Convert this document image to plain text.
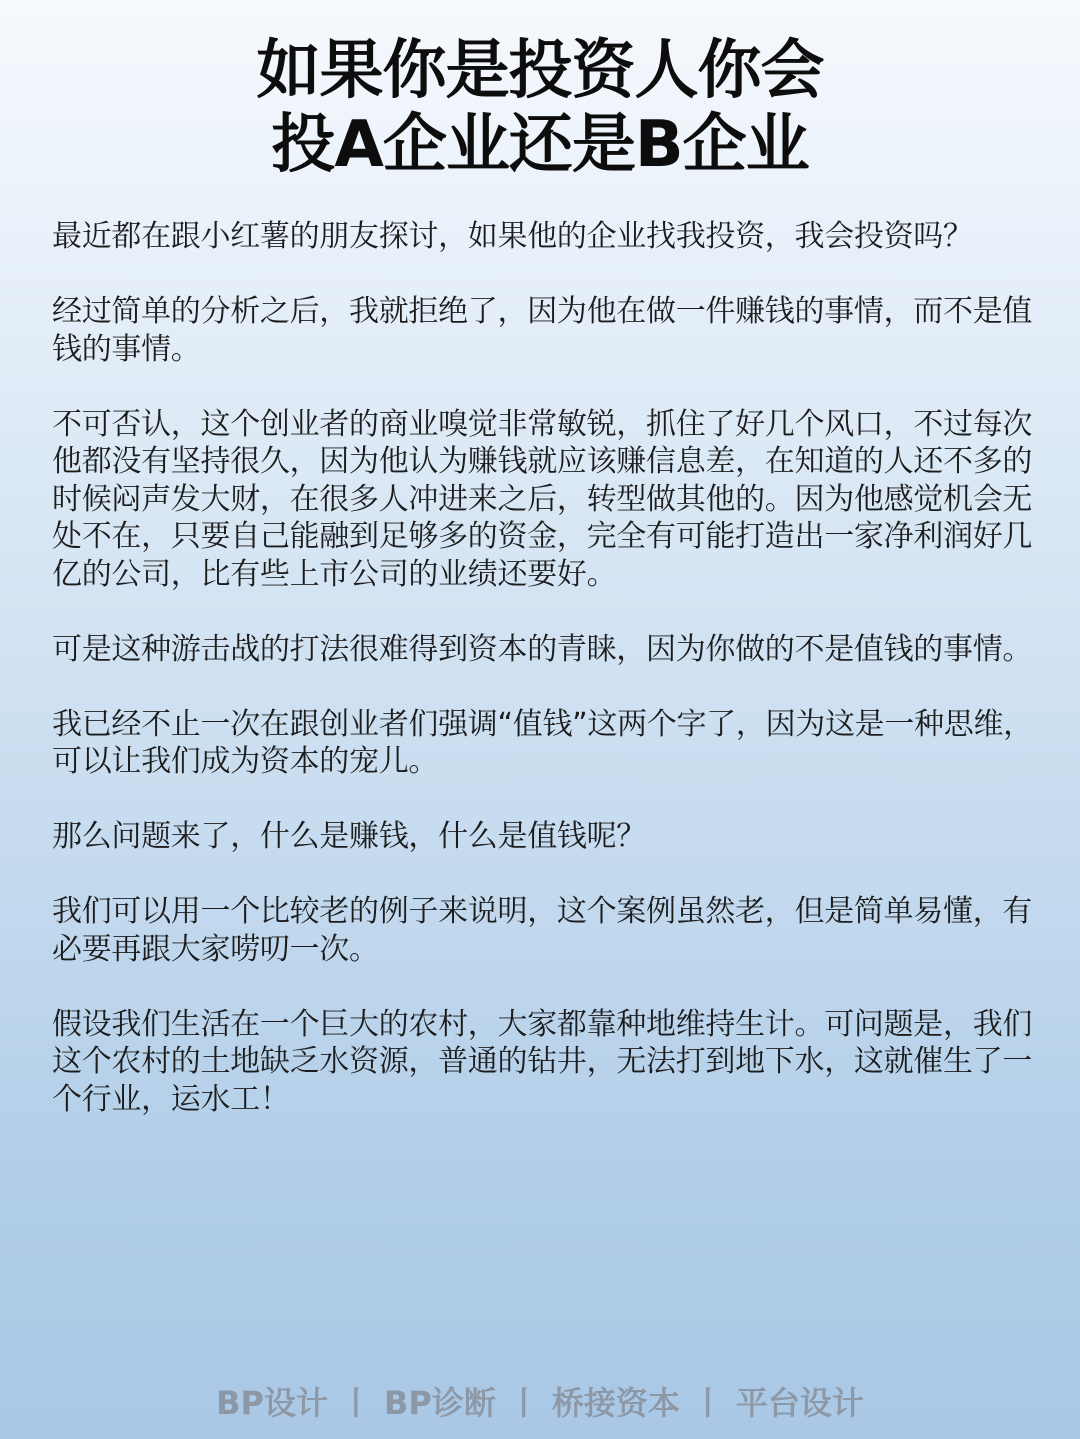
如果你是投资人你会
投A企业还是B企业

最近都在跟小红薯的朋友探讨，如果他的企业找我投资，我会投资吗？

经过简单的分析之后，我就拒绝了，因为他在做一件赚钱的事情，而不是值钱的事情。

不可否认，这个创业者的商业嗅觉非常敏锐，抓住了好几个风口，不过每次他都没有坚持很久，因为他认为赚钱就应该赚信息差，在知道的人还不多的时候闷声发大财，在很多人冲进来之后，转型做其他的。因为他感觉机会无处不在，只要自己能融到足够多的资金，完全有可能打造出一家净利润好几亿的公司，比有些上市公司的业绩还要好。

可是这种游击战的打法很难得到资本的青睐，因为你做的不是值钱的事情。

我已经不止一次在跟创业者们强调“值钱”这两个字了，因为这是一种思维，可以让我们成为资本的宠儿。

那么问题来了，什么是赚钱，什么是值钱呢？

我们可以用一个比较老的例子来说明，这个案例虽然老，但是简单易懂，有必要再跟大家唠叨一次。

假设我们生活在一个巨大的农村，大家都靠种地维持生计。可问题是，我们这个农村的土地缺乏水资源，普通的钻井，无法打到地下水，这就催生了一个行业，运水工！

BP设计 丨 BP诊断 丨 桥接资本 丨 平台设计
